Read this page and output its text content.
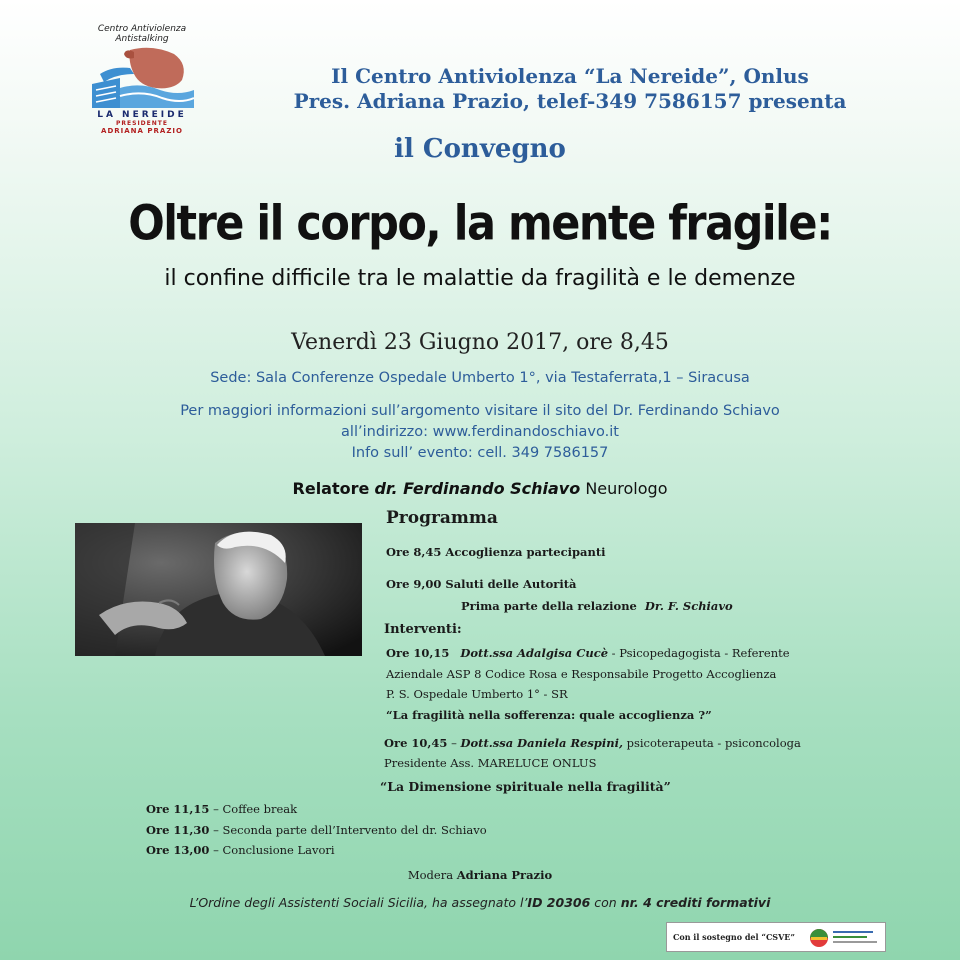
Centro Antiviolenza
Antistalking
LA NEREIDE
PRESIDENTE
ADRIANA PRAZIO
Il Centro Antiviolenza “La Nereide”, Onlus
Pres. Adriana Prazio, telef-349 7586157 presenta
il Convegno
Oltre il corpo, la mente fragile:
il confine difficile tra le malattie da fragilità e le demenze
Venerdì 23 Giugno 2017, ore 8,45
Sede: Sala Conferenze Ospedale Umberto 1°, via Testaferrata,1 – Siracusa
Per maggiori informazioni sull’argomento visitare il sito del Dr. Ferdinando Schiavo
all’indirizzo: www.ferdinandoschiavo.it
Info sull’ evento: cell. 349 7586157
Relatore dr. Ferdinando Schiavo Neurologo
Programma
Ore 8,45 Accoglienza partecipanti
Ore 9,00 Saluti delle Autorità
Prima parte della relazione Dr. F. Schiavo
Interventi:
Ore 10,15 Dott.ssa Adalgisa Cucè - Psicopedagogista - Referente
Aziendale ASP 8 Codice Rosa e Responsabile Progetto Accoglienza
P. S. Ospedale Umberto 1° - SR
“La fragilità nella sofferenza: quale accoglienza ?”
Ore 10,45 – Dott.ssa Daniela Respini, psicoterapeuta - psiconcologa
Presidente Ass. MARELUCE ONLUS
“La Dimensione spirituale nella fragilità”
Ore 11,15 – Coffee break
Ore 11,30 – Seconda parte dell’Intervento del dr. Schiavo
Ore 13,00 – Conclusione Lavori
Modera Adriana Prazio
L’Ordine degli Assistenti Sociali Sicilia, ha assegnato l’ID 20306 con nr. 4 crediti formativi
Con il sostegno del “CSVE”
